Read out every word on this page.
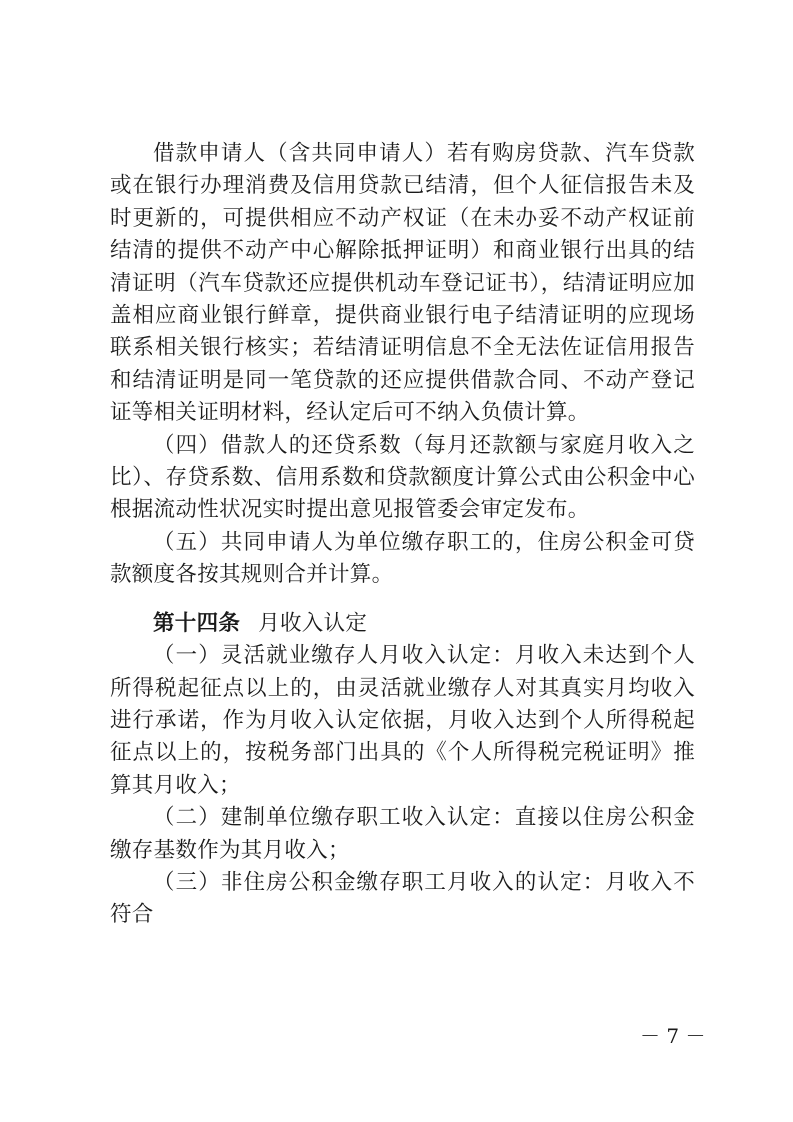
借款申请人（含共同申请人）若有购房贷款、汽车贷款或在银行办理消费及信用贷款已结清，但个人征信报告未及时更新的，可提供相应不动产权证（在未办妥不动产权证前结清的提供不动产中心解除抵押证明）和商业银行出具的结清证明（汽车贷款还应提供机动车登记证书），结清证明应加盖相应商业银行鲜章，提供商业银行电子结清证明的应现场联系相关银行核实；若结清证明信息不全无法佐证信用报告和结清证明是同一笔贷款的还应提供借款合同、不动产登记证等相关证明材料，经认定后可不纳入负债计算。

（四）借款人的还贷系数（每月还款额与家庭月收入之比）、存贷系数、信用系数和贷款额度计算公式由公积金中心根据流动性状况实时提出意见报管委会审定发布。

（五）共同申请人为单位缴存职工的，住房公积金可贷款额度各按其规则合并计算。

第十四条 月收入认定

（一）灵活就业缴存人月收入认定：月收入未达到个人所得税起征点以上的，由灵活就业缴存人对其真实月均收入进行承诺，作为月收入认定依据，月收入达到个人所得税起征点以上的，按税务部门出具的《个人所得税完税证明》推算其月收入；

（二）建制单位缴存职工收入认定：直接以住房公积金缴存基数作为其月收入；

（三）非住房公积金缴存职工月收入的认定：月收入不符合

－ 7 －
